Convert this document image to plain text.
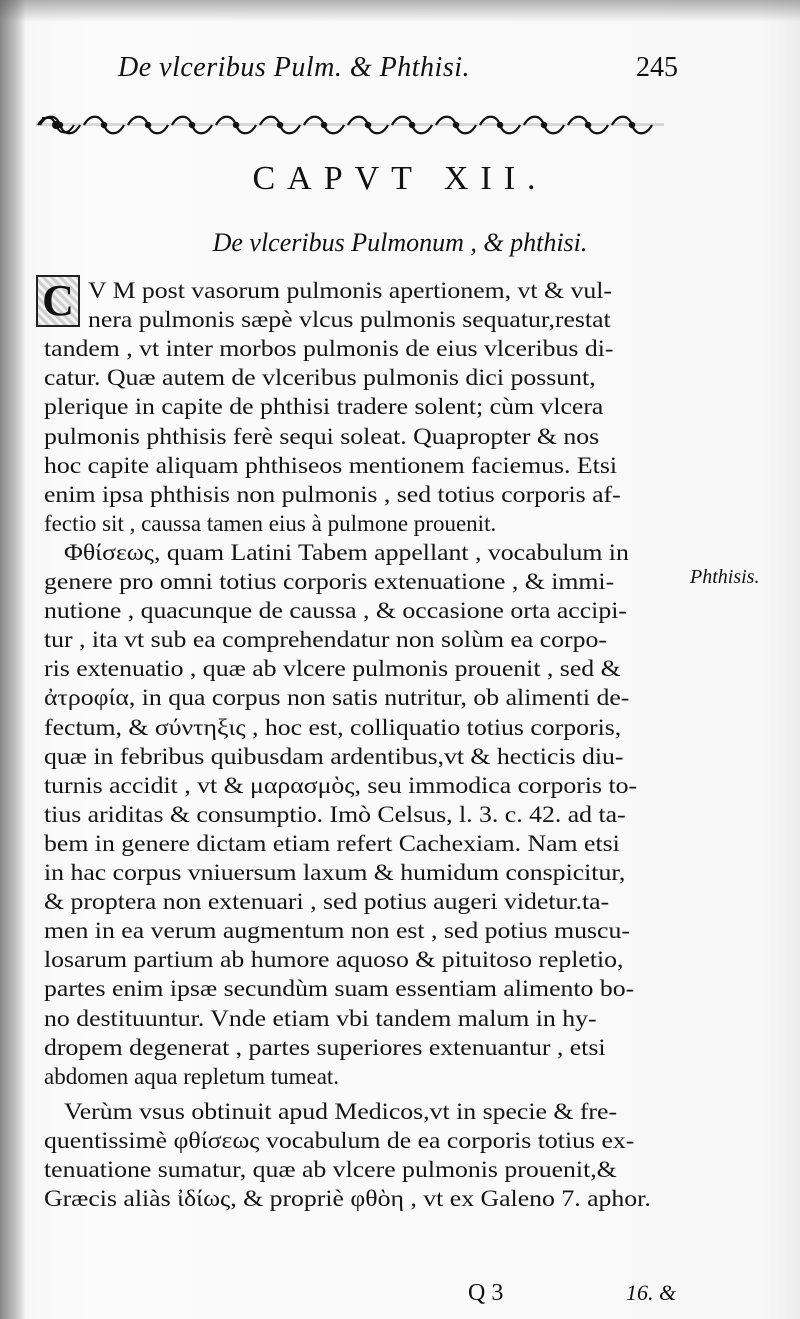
De vlceribus Pulm. & Phthisi.	245
CAPVT XII.
De vlceribus Pulmonum , & phthisi.
C V M post vasorum pulmonis apertionem, vt & vul-
nera pulmonis sæpè vlcus pulmonis sequatur,restat
tandem , vt inter morbos pulmonis de eius vlceribus di-
catur. Quæ autem de vlceribus pulmonis dici possunt,
plerique in capite de phthisi tradere solent; cùm vlcera
pulmonis phthisis ferè sequi soleat. Quapropter & nos
hoc capite aliquam phthiseos mentionem faciemus. Etsi
enim ipsa phthisis non pulmonis , sed totius corporis af-
fectio sit , caussa tamen eius à pulmone prouenit.
Φθίσεως, quam Latini Tabem appellant , vocabulum in
genere pro omni totius corporis extenuatione , & immi-
nutione , quacunque de caussa , & occasione orta accipi-
tur , ita vt sub ea comprehendatur non solùm ea corpo-
ris extenuatio , quæ ab vlcere pulmonis prouenit , sed &
ἀτροφία, in qua corpus non satis nutritur, ob alimenti de-
fectum, & σύντηξις , hoc est, colliquatio totius corporis,
quæ in febribus quibusdam ardentibus,vt & hecticis diu-
turnis accidit , vt & μαρασμὸς, seu immodica corporis to-
tius ariditas & consumptio. Imò Celsus, l. 3. c. 42. ad ta-
bem in genere dictam etiam refert Cachexiam. Nam etsi
in hac corpus vniuersum laxum & humidum conspicitur,
& proptera non extenuari , sed potius augeri videtur.ta-
men in ea verum augmentum non est , sed potius muscu-
losarum partium ab humore aquoso & pituitoso repletio,
partes enim ipsæ secundùm suam essentiam alimento bo-
no destituuntur. Vnde etiam vbi tandem malum in hy-
dropem degenerat , partes superiores extenuantur , etsi
abdomen aqua repletum tumeat.
Verùm vsus obtinuit apud Medicos,vt in specie & fre-
quentissimè φθίσεως vocabulum de ea corporis totius ex-
tenuatione sumatur, quæ ab vlcere pulmonis prouenit,&
Græcis aliàs ἰδίως, & propriè φθὸη , vt ex Galeno 7. aphor.
Phthisis.
Q 3	16. &
